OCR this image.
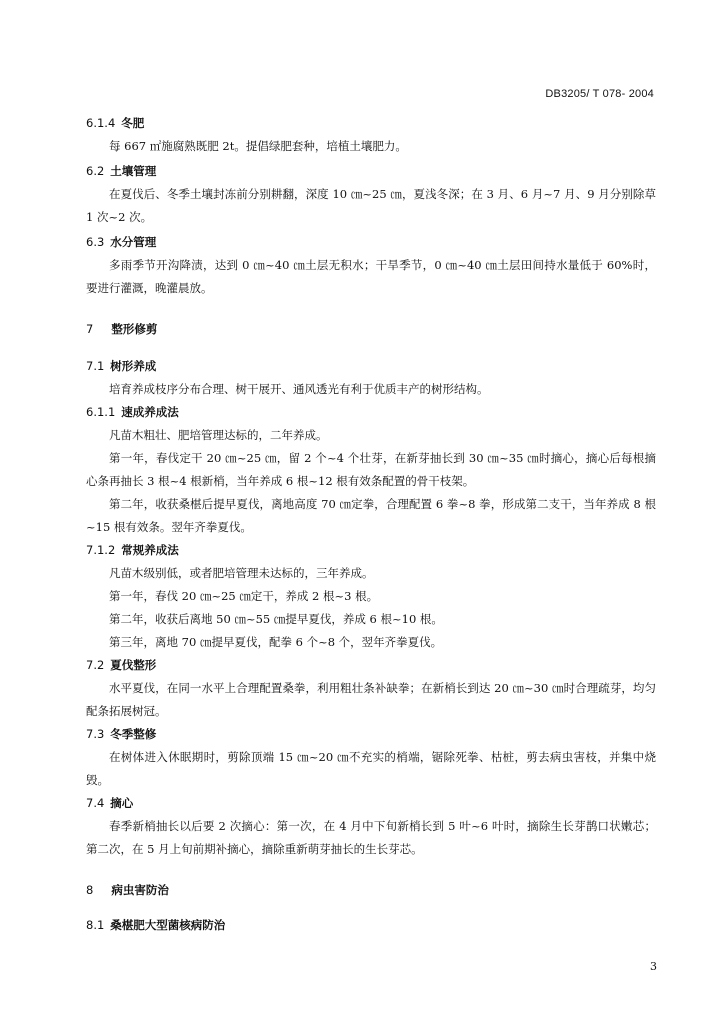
DB3205/ T 078- 2004
6.1.4 冬肥

每 667 ㎡施腐熟既肥 2t。提倡绿肥套种，培植土壤肥力。

6.2 土壤管理

在夏伐后、冬季土壤封冻前分别耕翻，深度 10 ㎝~25 ㎝，夏浅冬深；在 3 月、6 月~7 月、9 月分别除草 1 次~2 次。

6.3 水分管理

多雨季节开沟降渍，达到 0 ㎝~40 ㎝土层无积水；干旱季节，0 ㎝~40 ㎝土层田间持水量低于 60%时，要进行灌溉，晚灌晨放。

7 整形修剪
7.1 树形养成

培育养成枝序分布合理、树干展开、通风透光有利于优质丰产的树形结构。

6.1.1 速成养成法

凡苗木粗壮、肥培管理达标的，二年养成。

第一年，春伐定干 20 ㎝~25 ㎝，留 2 个~4 个壮芽，在新芽抽长到 30 ㎝~35 ㎝时摘心，摘心后每根摘心条再抽长 3 根~4 根新梢，当年养成 6 根~12 根有效条配置的骨干枝架。

第二年，收获桑椹后提早夏伐，离地高度 70 ㎝定拳，合理配置 6 拳~8 拳，形成第二支干，当年养成 8 根~15 根有效条。翌年齐拳夏伐。

7.1.2 常规养成法

凡苗木级别低，或者肥培管理未达标的，三年养成。

第一年，春伐 20 ㎝~25 ㎝定干，养成 2 根~3 根。

第二年，收获后离地 50 ㎝~55 ㎝提早夏伐，养成 6 根~10 根。

第三年，离地 70 ㎝提早夏伐，配拳 6 个~8 个，翌年齐拳夏伐。

7.2 夏伐整形

水平夏伐，在同一水平上合理配置桑拳，利用粗壮条补缺拳；在新梢长到达 20 ㎝~30 ㎝时合理疏芽，均匀配条拓展树冠。

7.3 冬季整修

在树体进入休眠期时，剪除顶端 15 ㎝~20 ㎝不充实的梢端，锯除死拳、枯桩，剪去病虫害枝，并集中烧毁。

7.4 摘心

春季新梢抽长以后要 2 次摘心：第一次，在 4 月中下旬新梢长到 5 叶~6 叶时，摘除生长芽鹊口状嫩芯；第二次，在 5 月上旬前期补摘心，摘除重新萌芽抽长的生长芽芯。

8 病虫害防治
8.1 桑椹肥大型菌核病防治
3
